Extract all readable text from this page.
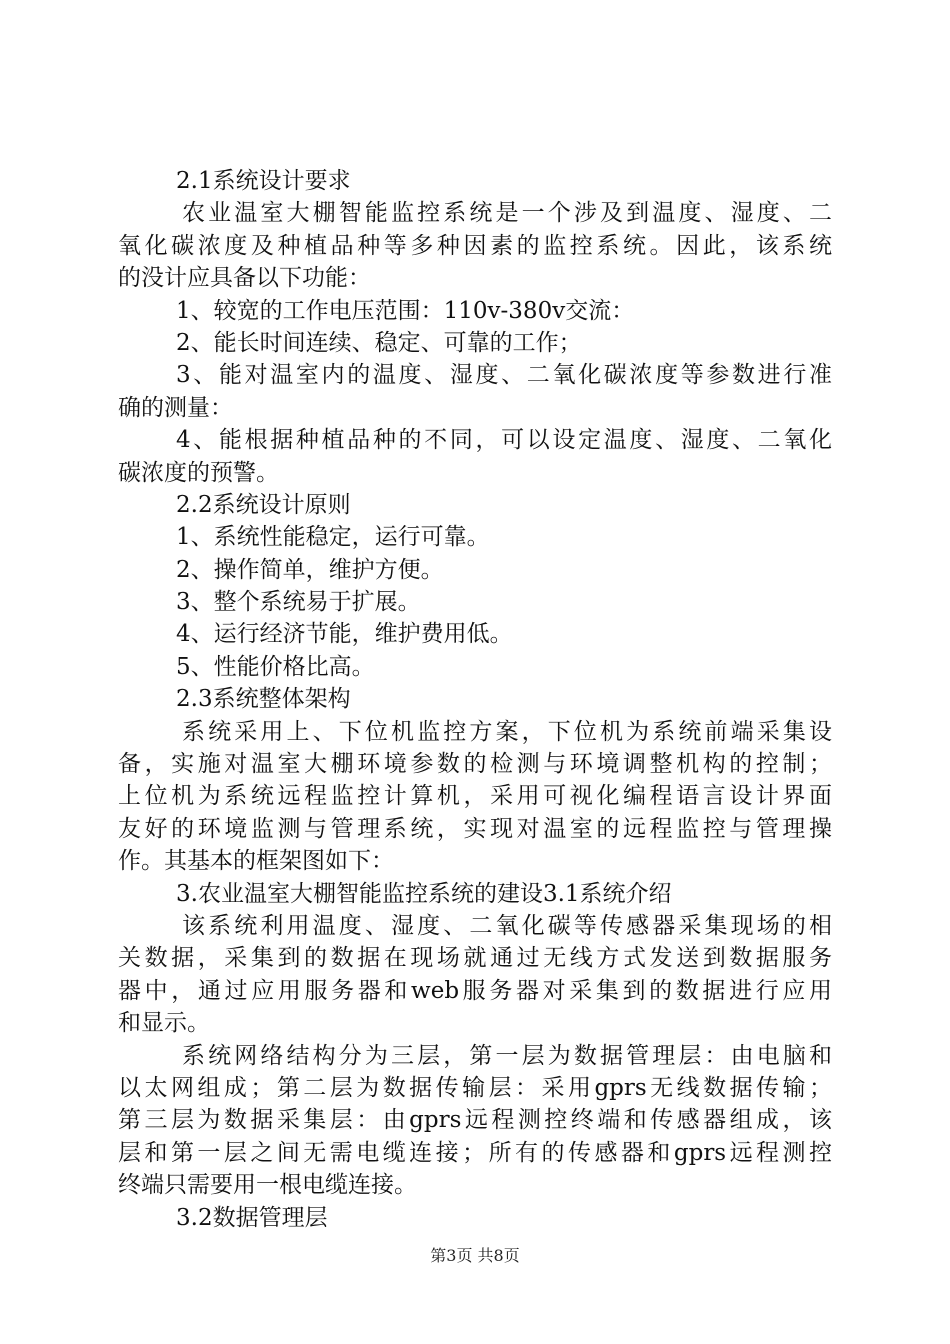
2.1系统设计要求
农业温室大棚智能监控系统是一个涉及到温度、湿度、二
氧化碳浓度及种植品种等多种因素的监控系统。因此，该系统
的没计应具备以下功能：
1、较宽的工作电压范围：110v-380v交流：
2、能长时间连续、稳定、可靠的工作；
3、能对温室内的温度、湿度、二氧化碳浓度等参数进行准
确的测量：
4、能根据种植品种的不同，可以设定温度、湿度、二氧化
碳浓度的预警。
2.2系统设计原则
1、系统性能稳定，运行可靠。
2、操作简单，维护方便。
3、整个系统易于扩展。
4、运行经济节能，维护费用低。
5、性能价格比高。
2.3系统整体架构
系统采用上、下位机监控方案，下位机为系统前端采集设
备，实施对温室大棚环境参数的检测与环境调整机构的控制；
上位机为系统远程监控计算机，采用可视化编程语言设计界面
友好的环境监测与管理系统，实现对温室的远程监控与管理操
作。其基本的框架图如下：
3.农业温室大棚智能监控系统的建设3.1系统介绍
该系统利用温度、湿度、二氧化碳等传感器采集现场的相
关数据，采集到的数据在现场就通过无线方式发送到数据服务
器中，通过应用服务器和web服务器对采集到的数据进行应用
和显示。
系统网络结构分为三层，第一层为数据管理层：由电脑和
以太网组成；第二层为数据传输层：采用gprs无线数据传输；
第三层为数据采集层：由gprs远程测控终端和传感器组成，该
层和第一层之间无需电缆连接；所有的传感器和gprs远程测控
终端只需要用一根电缆连接。
3.2数据管理层
第3页 共8页
